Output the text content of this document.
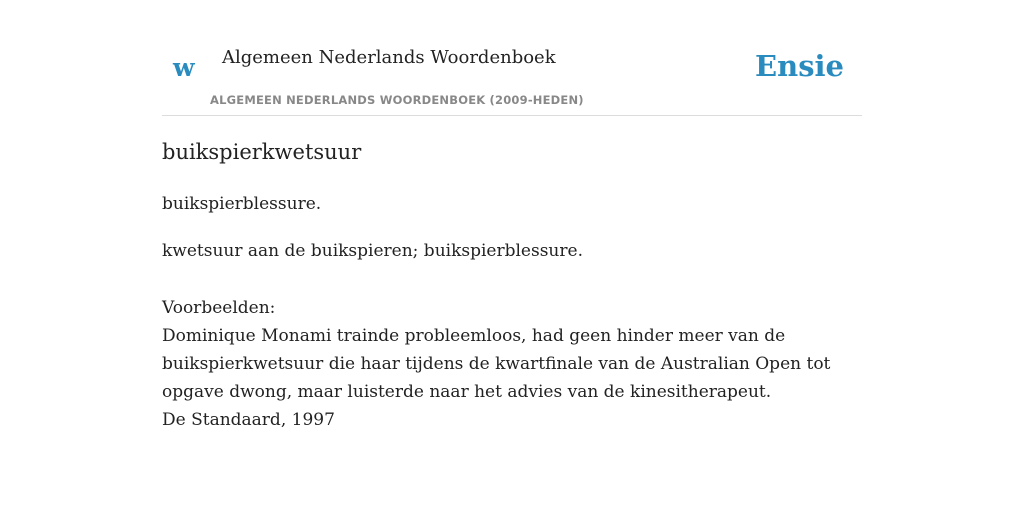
w Algemeen Nederlands Woordenboek
ALGEMEEN NEDERLANDS WOORDENBOEK (2009-HEDEN)
Ensie
buikspierkwetsuur
buikspierblessure.
kwetsuur aan de buikspieren; buikspierblessure.
Voorbeelden:
Dominique Monami trainde probleemloos, had geen hinder meer van de buikspierkwetsuur die haar tijdens de kwartfinale van de Australian Open tot opgave dwong, maar luisterde naar het advies van de kinesitherapeut.
De Standaard, 1997
